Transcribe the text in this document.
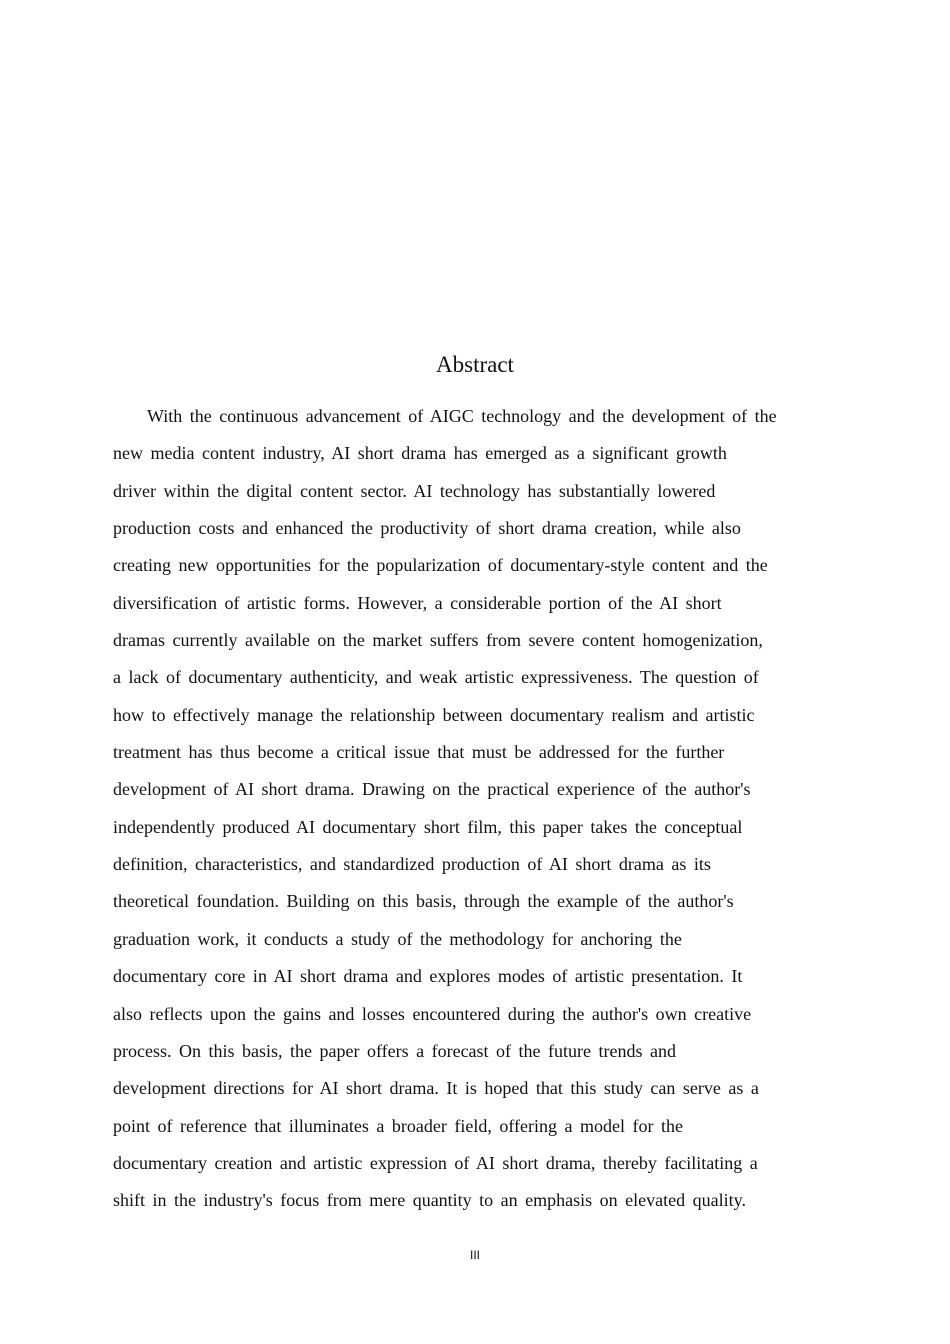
Abstract
With the continuous advancement of AIGC technology and the development of the
new media content industry, AI short drama has emerged as a significant growth
driver within the digital content sector. AI technology has substantially lowered
production costs and enhanced the productivity of short drama creation, while also
creating new opportunities for the popularization of documentary-style content and the
diversification of artistic forms. However, a considerable portion of the AI short
dramas currently available on the market suffers from severe content homogenization,
a lack of documentary authenticity, and weak artistic expressiveness. The question of
how to effectively manage the relationship between documentary realism and artistic
treatment has thus become a critical issue that must be addressed for the further
development of AI short drama. Drawing on the practical experience of the author's
independently produced AI documentary short film, this paper takes the conceptual
definition, characteristics, and standardized production of AI short drama as its
theoretical foundation. Building on this basis, through the example of the author's
graduation work, it conducts a study of the methodology for anchoring the
documentary core in AI short drama and explores modes of artistic presentation. It
also reflects upon the gains and losses encountered during the author's own creative
process. On this basis, the paper offers a forecast of the future trends and
development directions for AI short drama. It is hoped that this study can serve as a
point of reference that illuminates a broader field, offering a model for the
documentary creation and artistic expression of AI short drama, thereby facilitating a
shift in the industry's focus from mere quantity to an emphasis on elevated quality.
III
